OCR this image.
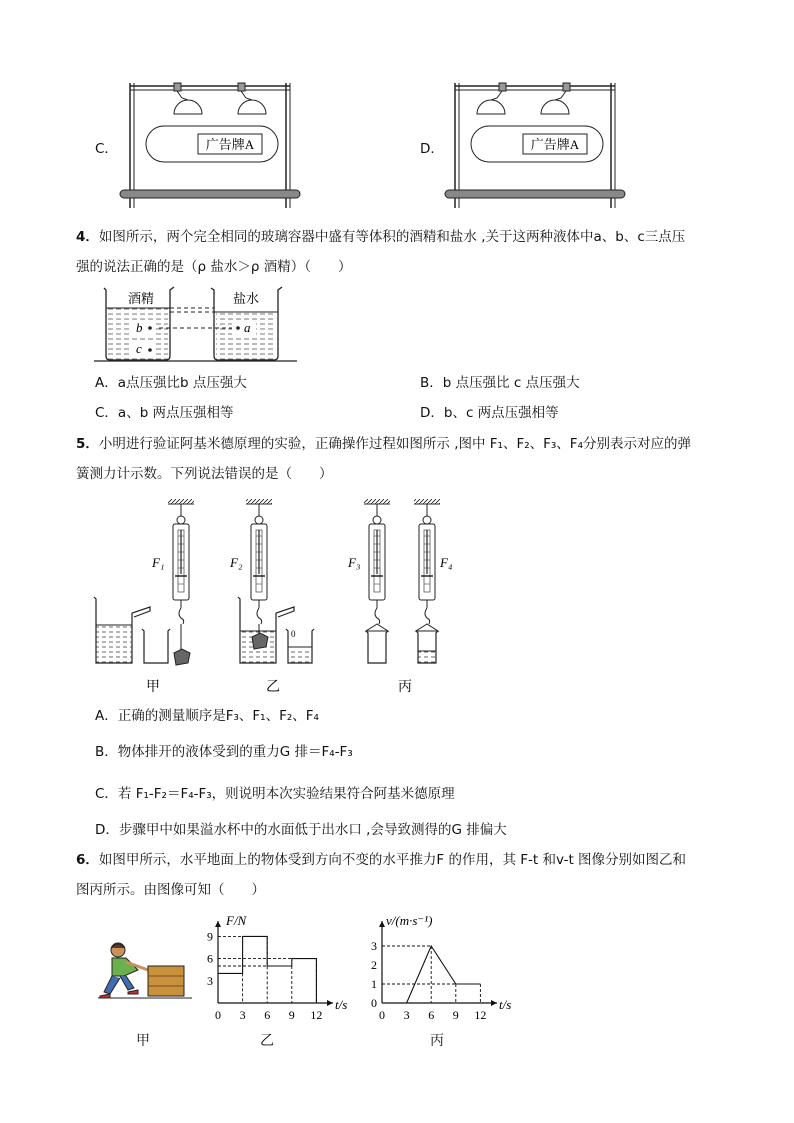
C．	广告牌A	D．	广告牌A
4．如图所示，两个完全相同的玻璃容器中盛有等体积的酒精和盐水 ,关于这两种液体中a、b、c三点压
强的说法正确的是（ρ 盐水＞ρ 酒精）（　　）
酒精	盐水
b	a
c
A．a点压强比b 点压强大	B．b 点压强比 c 点压强大
C．a、b 两点压强相等	D．b、c 两点压强相等
5．小明进行验证阿基米德原理的实验，正确操作过程如图所示 ,图中 F₁、F₂、F₃、F₄分别表示对应的弹
簧测力计示数。下列说法错误的是（　　）
F₁	F₂	F₃	F₄
0
甲	乙	丙
A．正确的测量顺序是F₃、F₁、F₂、F₄
B．物体排开的液体受到的重力G 排＝F₄-F₃
C．若 F₁-F₂＝F₄-F₃，则说明本次实验结果符合阿基米德原理
D．步骤甲中如果溢水杯中的水面低于出水口 ,会导致测得的G 排偏大
6．如图甲所示，水平地面上的物体受到方向不变的水平推力F 的作用，其 F-t 和v-t 图像分别如图乙和
图丙所示。由图像可知（　　）
甲
F/N
t/s
0 3 6 9 12
3
6
9
乙
v/(m·s⁻¹)
t/s
0 3 6 9 12
0
1
2
3
丙
